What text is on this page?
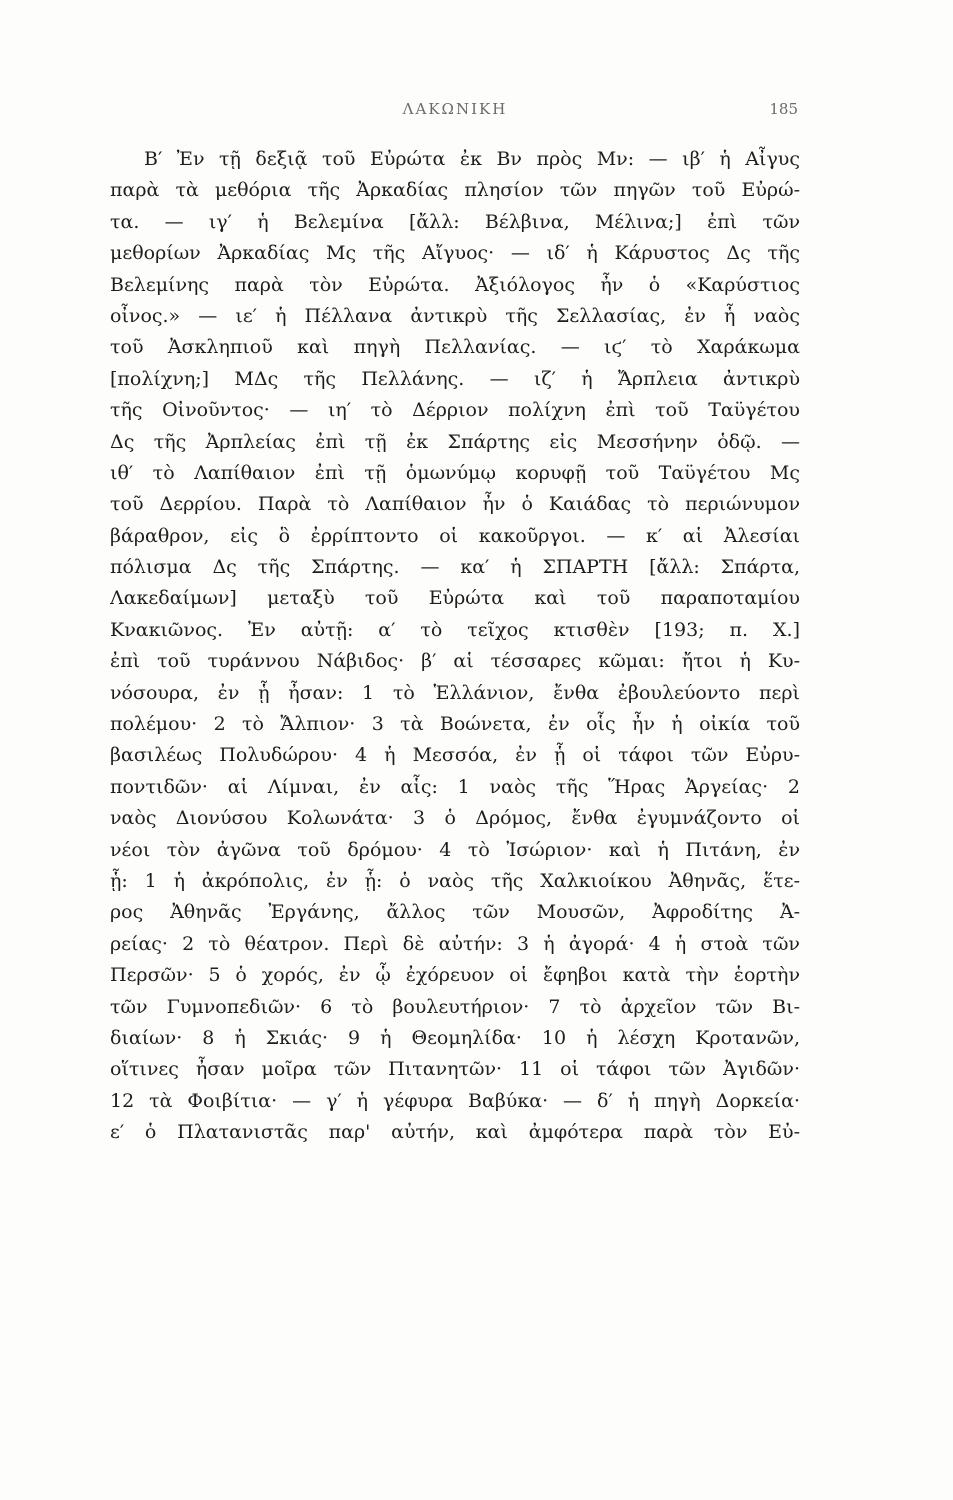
ΛΑΚΩΝΙΚΗ	185
Β′ Ἐν τῇ δεξιᾷ τοῦ Εὐρώτα ἐκ Βν πρὸς Μν: — ιβ′ ἡ Αἶγυς
παρὰ τὰ μεθόρια τῆς Ἀρκαδίας πλησίον τῶν πηγῶν τοῦ Εὐρώ-
τα. — ιγ′ ἡ Βελεμίνα [ἄλλ: Βέλβινα, Μέλινα;] ἐπὶ τῶν
μεθορίων Ἀρκαδίας Μς τῆς Αἴγυος· — ιδ′ ἡ Κάρυστος Δς τῆς
Βελεμίνης παρὰ τὸν Εὐρώτα. Ἀξιόλογος ἦν ὁ «Καρύστιος
οἶνος.» — ιε′ ἡ Πέλλανα ἀντικρὺ τῆς Σελλασίας, ἐν ἧ ναὸς
τοῦ Ἀσκληπιοῦ καὶ πηγὴ Πελλανίας. — ιϛ′ τὸ Χαράκωμα
[πολίχνη;] ΜΔς τῆς Πελλάνης. — ιζ′ ἡ Ἄρπλεια ἀντικρὺ
τῆς Οἰνοῦντος· — ιη′ τὸ Δέρριον πολίχνη ἐπὶ τοῦ Ταϋγέτου
Δς τῆς Ἀρπλείας ἐπὶ τῇ ἐκ Σπάρτης εἰς Μεσσήνην ὁδῷ. —
ιθ′ τὸ Λαπίθαιον ἐπὶ τῇ ὁμωνύμῳ κορυφῇ τοῦ Ταϋγέτου Μς
τοῦ Δερρίου. Παρὰ τὸ Λαπίθαιον ἦν ὁ Καιάδας τὸ περιώνυμον
βάραθρον, εἰς ὃ ἐρρίπτοντο οἱ κακοῦργοι. — κ′ αἱ Ἀλεσίαι
πόλισμα Δς τῆς Σπάρτης. — κα′ ἡ ΣΠΑΡΤΗ [ἄλλ: Σπάρτα,
Λακεδαίμων] μεταξὺ τοῦ Εὐρώτα καὶ τοῦ παραποταμίου
Κνακιῶνος. Ἐν αὐτῇ: α′ τὸ τεῖχος κτισθὲν [193; π. Χ.]
ἐπὶ τοῦ τυράννου Νάβιδος· β′ αἱ τέσσαρες κῶμαι: ἤτοι ἡ Κυ-
νόσουρα, ἐν ᾗ ἦσαν: 1 τὸ Ἑλλάνιον, ἔνθα ἐβουλεύοντο περὶ
πολέμου· 2 τὸ Ἄλπιον· 3 τὰ Βοώνετα, ἐν οἷς ἦν ἡ οἰκία τοῦ
βασιλέως Πολυδώρου· 4 ἡ Μεσσόα, ἐν ᾗ οἱ τάφοι τῶν Εὐρυ-
ποντιδῶν· αἱ Λίμναι, ἐν αἷς: 1 ναὸς τῆς Ἥρας Ἀργείας· 2
ναὸς Διονύσου Κολωνάτα· 3 ὁ Δρόμος, ἔνθα ἐγυμνάζοντο οἱ
νέοι τὸν ἀγῶνα τοῦ δρόμου· 4 τὸ Ἰσώριον· καὶ ἡ Πιτάνη, ἐν
ᾗ: 1 ἡ ἀκρόπολις, ἐν ᾗ: ὁ ναὸς τῆς Χαλκιοίκου Ἀθηνᾶς, ἕτε-
ρος Ἀθηνᾶς Ἐργάνης, ἄλλος τῶν Μουσῶν, Ἀφροδίτης Ἀ-
ρείας· 2 τὸ θέατρον. Περὶ δὲ αὐτήν: 3 ἡ ἀγορά· 4 ἡ στοὰ τῶν
Περσῶν· 5 ὁ χορός, ἐν ᾧ ἐχόρευον οἱ ἔφηβοι κατὰ τὴν ἑορτὴν
τῶν Γυμνοπεδιῶν· 6 τὸ βουλευτήριον· 7 τὸ ἀρχεῖον τῶν Βι-
διαίων· 8 ἡ Σκιάς· 9 ἡ Θεομηλίδα· 10 ἡ λέσχη Κροτανῶν,
οἵτινες ἦσαν μοῖρα τῶν Πιτανητῶν· 11 οἱ τάφοι τῶν Ἀγιδῶν·
12 τὰ Φοιβίτια· — γ′ ἡ γέφυρα Βαβύκα· — δ′ ἡ πηγὴ Δορκεία·
ε′ ὁ Πλατανιστᾶς παρ' αὐτήν, καὶ ἀμφότερα παρὰ τὸν Εὐ-
